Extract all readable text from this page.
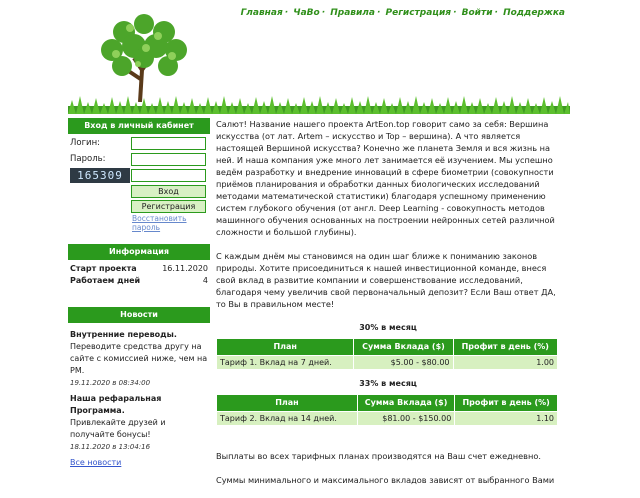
Главная · ЧаВо · Правила · Регистрация · Войти · Поддержка
Вход в личный кабинет
Логин:
Пароль:
165309
Вход
Регистрация
Восстановить пароль
Информация
Старт проекта	16.11.2020
Работаем дней	4
Новости
Внутренние переводы.
Переводите средства другу на сайте с комиссией ниже, чем на PM.
19.11.2020 в 08:34:00
Наша рефаральная Программа.
Привлекайте друзей и получайте бонусы!
18.11.2020 в 13:04:16
Все новости

Салют! Название нашего проекта ArtEon.top говорит само за себя: Вершина искусства (от лат. Artem – искусство и Top – вершина). А что является настоящей Вершиной искусства? Конечно же планета Земля и вся жизнь на ней. И наша компания уже много лет занимается её изучением. Мы успешно ведём разработку и внедрение инноваций в сфере биометрии (совокупности приёмов планирования и обработки данных биологических исследований методами математической статистики) благодаря успешному применению систем глубокого обучения (от англ. Deep Learning - совокупность методов машинного обучения основанных на построении нейронных сетей различной сложности и большой глубины).

С каждым днём мы становимся на один шаг ближе к пониманию законов природы. Хотите присоединиться к нашей инвестиционной команде, внеся свой вклад в развитие компании и совершенствование исследований, благодаря чему увеличив свой первоначальный депозит? Если Ваш ответ ДА, то Вы в правильном месте!

30% в месяц
План	Сумма Вклада ($)	Профит в день (%)
Тариф 1. Вклад на 7 дней.	$5.00 - $80.00	1.00
33% в месяц
План	Сумма Вклада ($)	Профит в день (%)
Тариф 2. Вклад на 14 дней.	$81.00 - $150.00	1.10

Выплаты во всех тарифных планах производятся на Ваш счет ежедневно.

Суммы минимального и максимального вкладов зависят от выбранного Вами
